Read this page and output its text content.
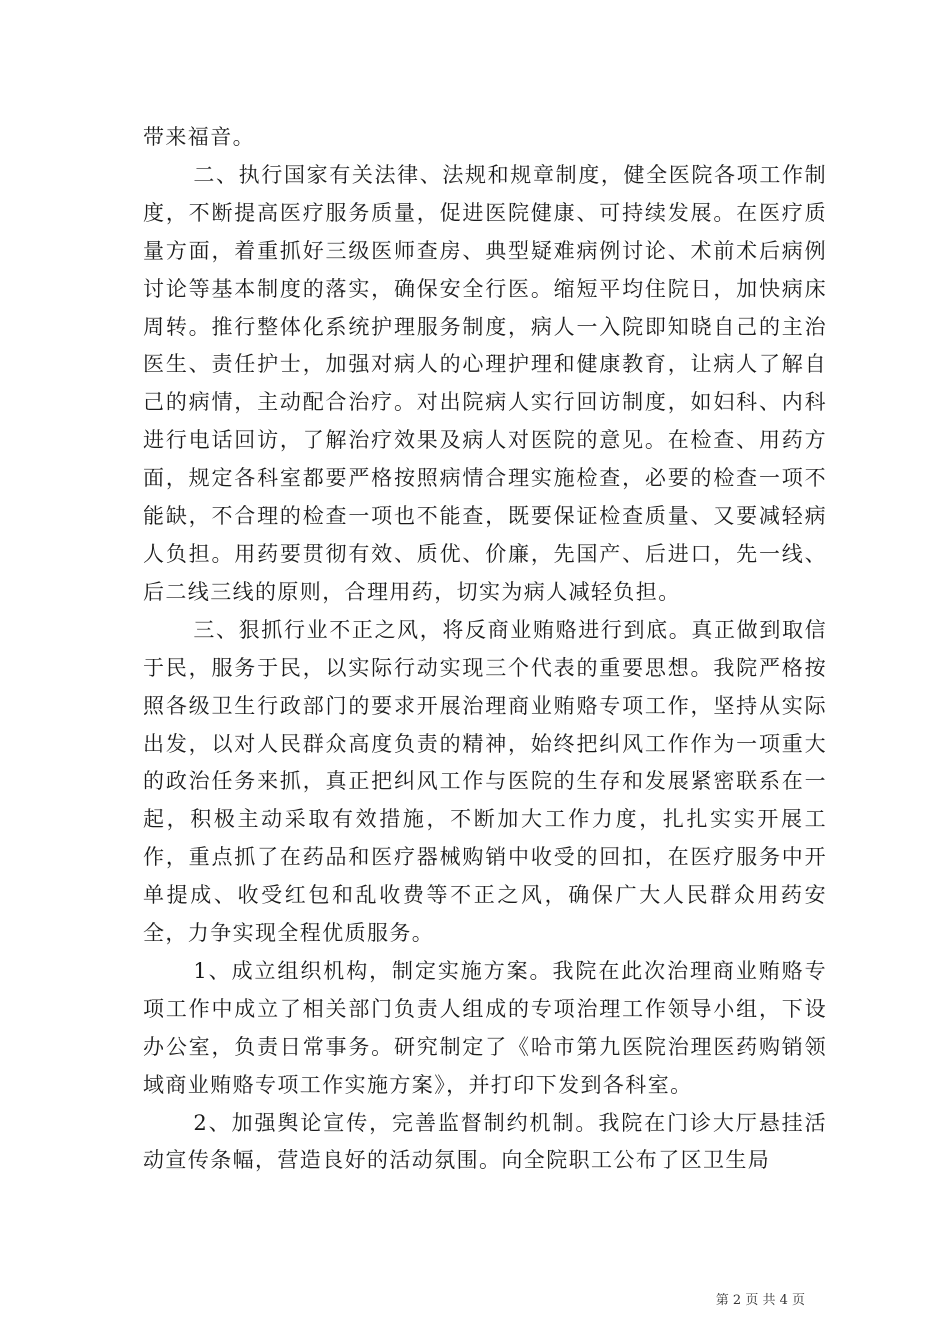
带来福音。

二、执行国家有关法律、法规和规章制度，健全医院各项工作制度，不断提高医疗服务质量，促进医院健康、可持续发展。在医疗质量方面，着重抓好三级医师查房、典型疑难病例讨论、术前术后病例讨论等基本制度的落实，确保安全行医。缩短平均住院日，加快病床周转。推行整体化系统护理服务制度，病人一入院即知晓自己的主治医生、责任护士，加强对病人的心理护理和健康教育，让病人了解自己的病情，主动配合治疗。对出院病人实行回访制度，如妇科、内科进行电话回访，了解治疗效果及病人对医院的意见。在检查、用药方面，规定各科室都要严格按照病情合理实施检查，必要的检查一项不能缺，不合理的检查一项也不能查，既要保证检查质量、又要减轻病人负担。用药要贯彻有效、质优、价廉，先国产、后进口，先一线、后二线三线的原则，合理用药，切实为病人减轻负担。

三、狠抓行业不正之风，将反商业贿赂进行到底。真正做到取信于民，服务于民，以实际行动实现三个代表的重要思想。我院严格按照各级卫生行政部门的要求开展治理商业贿赂专项工作，坚持从实际出发，以对人民群众高度负责的精神，始终把纠风工作作为一项重大的政治任务来抓，真正把纠风工作与医院的生存和发展紧密联系在一起，积极主动采取有效措施，不断加大工作力度，扎扎实实开展工作，重点抓了在药品和医疗器械购销中收受的回扣，在医疗服务中开单提成、收受红包和乱收费等不正之风，确保广大人民群众用药安全，力争实现全程优质服务。

1、成立组织机构，制定实施方案。我院在此次治理商业贿赂专项工作中成立了相关部门负责人组成的专项治理工作领导小组，下设办公室，负责日常事务。研究制定了《哈市第九医院治理医药购销领域商业贿赂专项工作实施方案》，并打印下发到各科室。

2、加强舆论宣传，完善监督制约机制。我院在门诊大厅悬挂活动宣传条幅，营造良好的活动氛围。向全院职工公布了区卫生局

第 2 页 共 4 页
